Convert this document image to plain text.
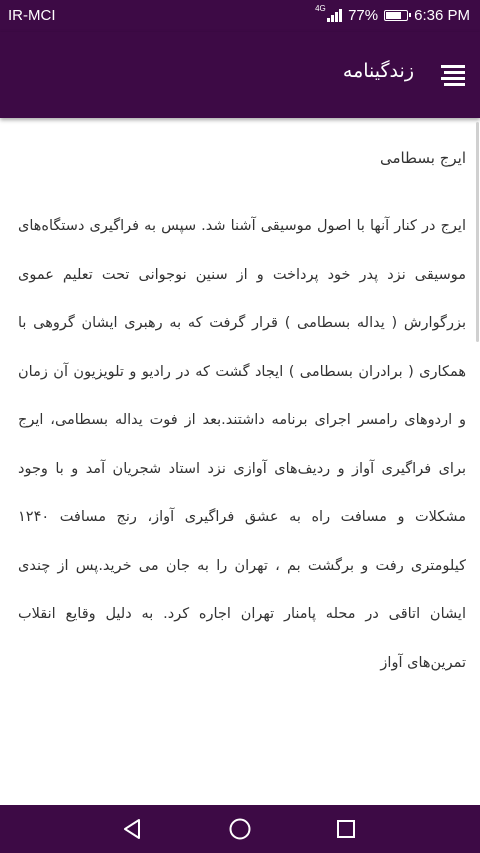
IR-MCI	4G 77% 6:36 PM
زندگینامه

ایرج بسطامی

ایرج در کنار آنها با اصول موسیقی آشنا شد. سپس به فراگیری دستگاه‌های موسیقی نزد پدر خود پرداخت و از سنین نوجوانی تحت تعلیم عموی بزرگوارش ( یداله بسطامی ) قرار گرفت که به رهبری ایشان گروهی با همکاری ( برادران بسطامی ) ایجاد گشت که در رادیو و تلویزیون آن زمان و اردوهای رامسر اجرای برنامه داشتند.بعد از فوت یداله بسطامی، ایرج برای فراگیری آواز و ردیف‌های آوازی نزد استاد شجریان آمد و با وجود مشکلات و مسافت راه به عشق فراگیری آواز، رنج مسافت ۱۲۴۰ کیلومتری رفت و برگشت بم ، تهران را به جان می خرید.پس از چندی ایشان اتاقی در محله پامنار تهران اجاره کرد. به دلیل وقایع انقلاب تمرین‌های آواز
